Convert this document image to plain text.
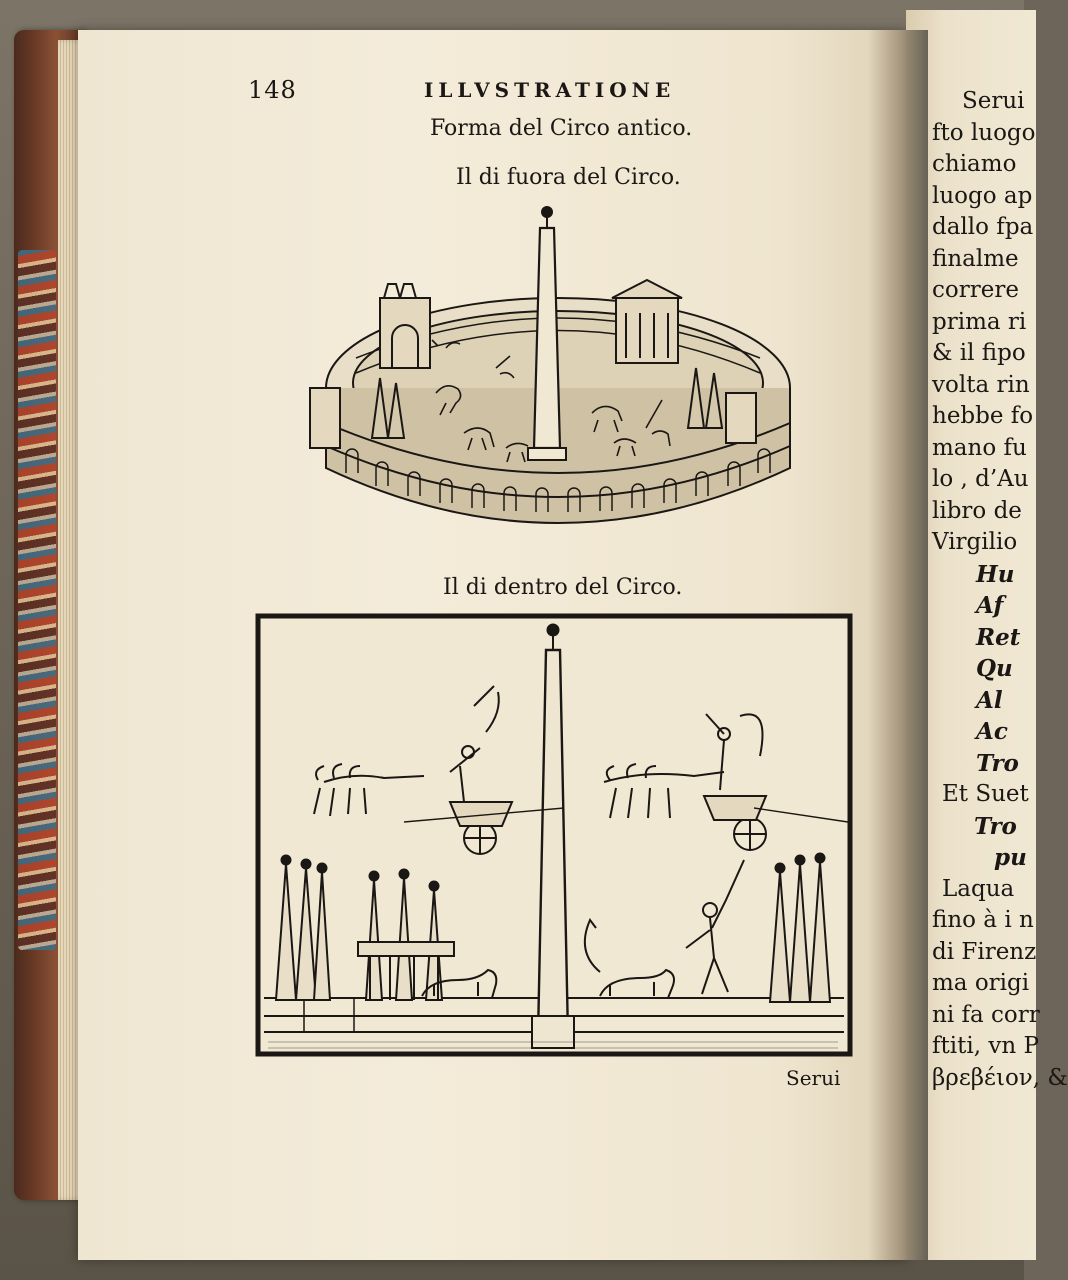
148	ILLVSTRATIONE
Forma del Circo antico.
Il di fuora del Circo.
Il di dentro del Circo.
Serui
Serui
fto luogo
chiamo
luogo ap
dallo fpa
finalme
correre
prima ri
& il fipo
volta rin
hebbe fo
mano fu
lo , d’Au
libro de
Virgilio
Hu
Af
Ret
Qu
Al
Ac
Tro
Et Suet
Tro
pu
Laqua
fino à i n
di Firenz
ma origi
ni fa corr
ftiti, vn P
βρεβέιον, &
